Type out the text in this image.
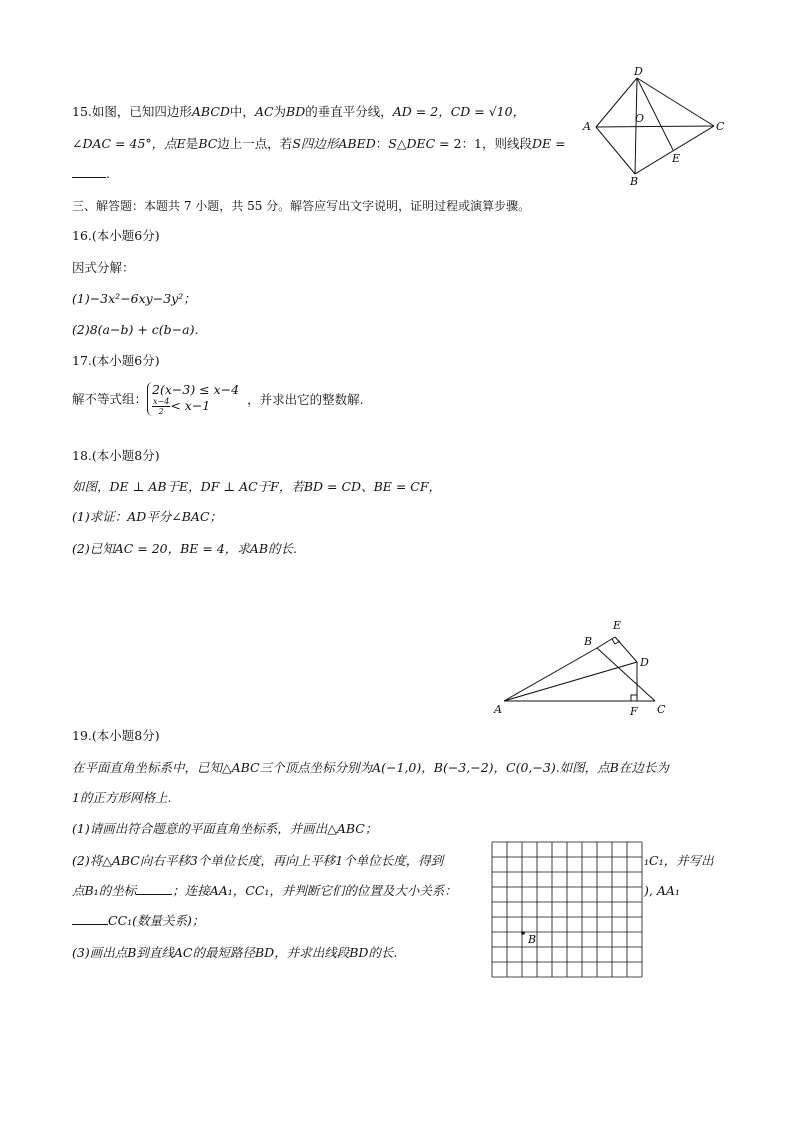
15.如图，已知四边形ABCD中，AC为BD的垂直平分线，AD = 2，CD = √10，
∠DAC = 45°，点E是BC边上一点，若S四边形ABED：S△DEC = 2：1，则线段DE =
.
D
A
O
C
E
B
三、解答题：本题共 7 小题，共 55 分。解答应写出文字说明，证明过程或演算步骤。
16.(本小题6分)
因式分解：
(1)−3x²−6xy−3y²；
(2)8(a−b) + c(b−a).
17.(本小题6分)
解不等式组：
2(x−3) ≤ x−4
$\frac{x-4}{2} < x-1$	，并求出它的整数解.
18.(本小题8分)
如图，DE ⊥ AB于E，DF ⊥ AC于F，若BD = CD、BE = CF，
(1)求证：AD平分∠BAC；
(2)已知AC = 20，BE = 4，求AB的长.
E
B
D
A	F C
19.(本小题8分)
在平面直角坐标系中，已知△ABC三个顶点坐标分别为A(−1,0)，B(−3,−2)，C(0,−3).如图，点B在边长为
1的正方形网格上.
(1)请画出符合题意的平面直角坐标系，并画出△ABC；
(2)将△ABC向右平移3个单位长度，再向上平移1个单位长度，得到	₁C₁，并写出
点B₁的坐标	；连接AA₁，CC₁，并判断它们的位置及大小关系：	), AA₁
CC₁(数量关系)；
(3)画出点B到直线AC的最短路径BD，并求出线段BD的长.
B
